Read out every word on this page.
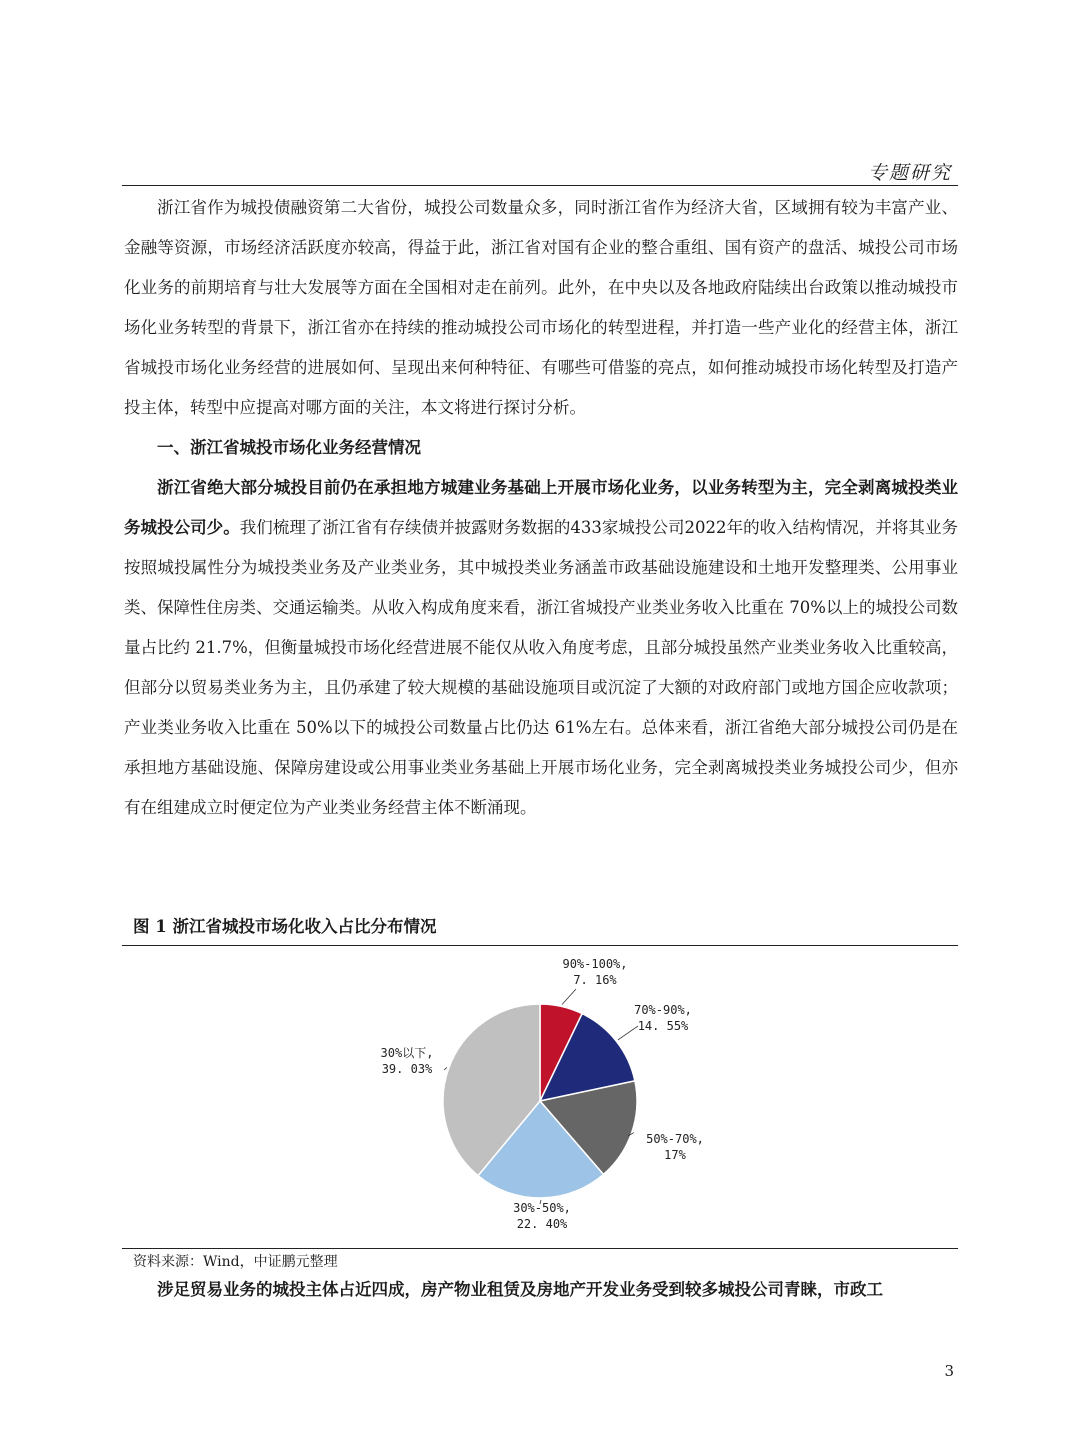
专题研究

浙江省作为城投债融资第二大省份，城投公司数量众多，同时浙江省作为经济大省，区域拥有较为丰富产业、金融等资源，市场经济活跃度亦较高，得益于此，浙江省对国有企业的整合重组、国有资产的盘活、城投公司市场化业务的前期培育与壮大发展等方面在全国相对走在前列。此外，在中央以及各地政府陆续出台政策以推动城投市场化业务转型的背景下，浙江省亦在持续的推动城投公司市场化的转型进程，并打造一些产业化的经营主体，浙江省城投市场化业务经营的进展如何、呈现出来何种特征、有哪些可借鉴的亮点，如何推动城投市场化转型及打造产投主体，转型中应提高对哪方面的关注，本文将进行探讨分析。

一、浙江省城投市场化业务经营情况

浙江省绝大部分城投目前仍在承担地方城建业务基础上开展市场化业务，以业务转型为主，完全剥离城投类业务城投公司少。我们梳理了浙江省有存续债并披露财务数据的433家城投公司2022年的收入结构情况，并将其业务按照城投属性分为城投类业务及产业类业务，其中城投类业务涵盖市政基础设施建设和土地开发整理类、公用事业类、保障性住房类、交通运输类。从收入构成角度来看，浙江省城投产业类业务收入比重在 70%以上的城投公司数量占比约 21.7%，但衡量城投市场化经营进展不能仅从收入角度考虑，且部分城投虽然产业类业务收入比重较高，但部分以贸易类业务为主，且仍承建了较大规模的基础设施项目或沉淀了大额的对政府部门或地方国企应收款项；产业类业务收入比重在 50%以下的城投公司数量占比仍达 61%左右。总体来看，浙江省绝大部分城投公司仍是在承担地方基础设施、保障房建设或公用事业类业务基础上开展市场化业务，完全剥离城投类业务城投公司少，但亦有在组建成立时便定位为产业类业务经营主体不断涌现。

图 1 浙江省城投市场化收入占比分布情况
90%-100%, 7. 16%
70%-90%, 14. 55%
50%-70%, 17%
30%-50%, 22. 40%
30%以下, 39. 03%
资料来源：Wind，中证鹏元整理

涉足贸易业务的城投主体占近四成，房产物业租赁及房地产开发业务受到较多城投公司青睐，市政工

3
